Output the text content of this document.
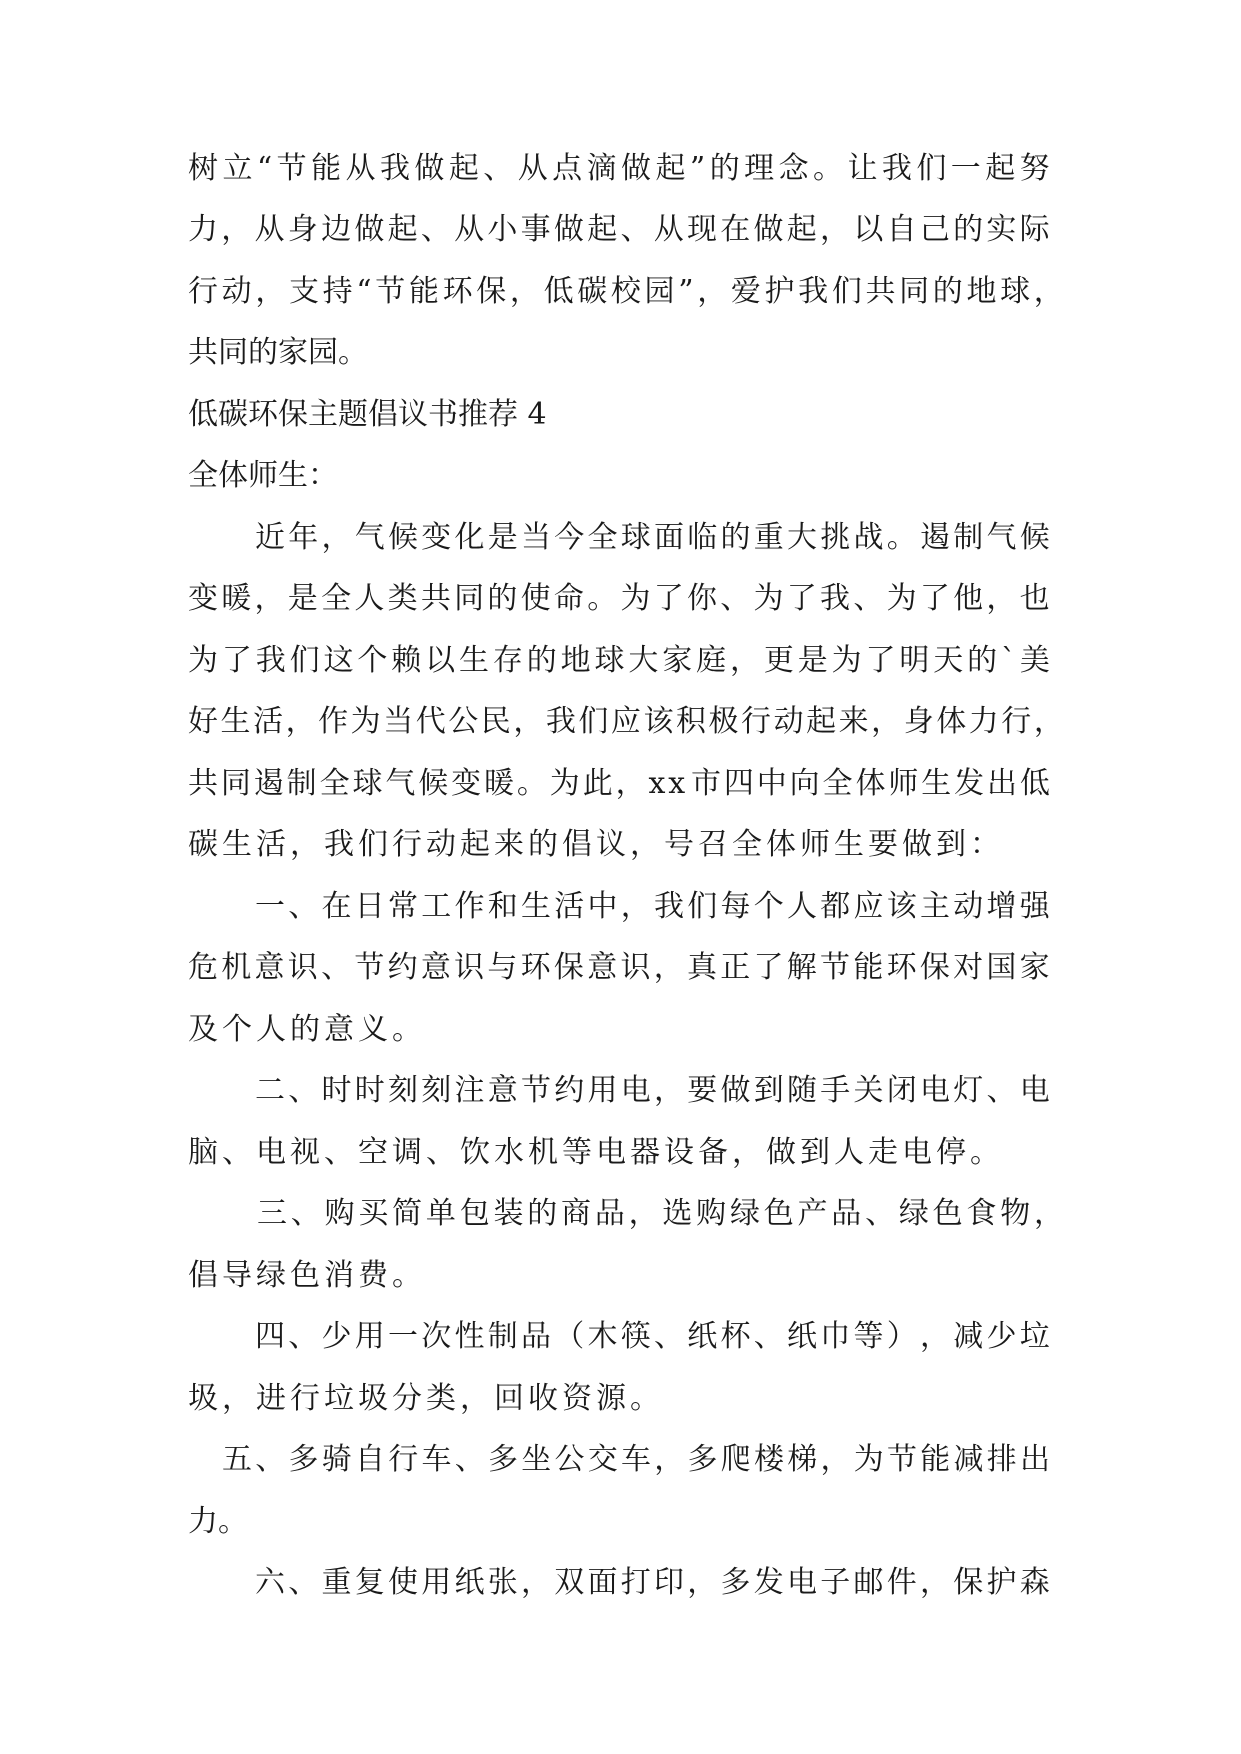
树 立 “ 节 能 从 我 做 起 、 从 点 滴 做 起 ” 的 理 念 。 让 我 们 一 起 努
力 ， 从 身 边 做 起 、 从 小 事 做 起 、 从 现 在 做 起 ， 以 自 己 的 实 际
行 动 ， 支 持 “ 节 能 环 保 ， 低 碳 校 园 ” ， 爱 护 我 们 共 同 的 地 球 ，
共同的家园。
低碳环保主题倡议书推荐 4
全体师生：
近 年 ， 气 候 变 化 是 当 今 全 球 面 临 的 重 大 挑 战 。 遏 制 气 候
变 暖 ， 是 全 人 类 共 同 的 使 命 。 为 了 你 、 为 了 我 、 为 了 他 ， 也
为 了 我 们 这 个 赖 以 生 存 的 地 球 大 家 庭 ， 更 是 为 了 明 天 的 ` 美
好 生 活 ， 作 为 当 代 公 民 ， 我 们 应 该 积 极 行 动 起 来 ， 身 体 力 行 ，
共 同 遏 制 全 球 气 候 变 暖 。 为 此 ， x x 市 四 中 向 全 体 师 生 发 出 低
碳生活，我们行动起来的倡议，号召全体师生要做到：
一 、 在 日 常 工 作 和 生 活 中 ， 我 们 每 个 人 都 应 该 主 动 增 强
危 机 意 识 、 节 约 意 识 与 环 保 意 识 ， 真 正 了 解 节 能 环 保 对 国 家
及个人的意义。
二 、 时 时 刻 刻 注 意 节 约 用 电 ， 要 做 到 随 手 关 闭 电 灯 、 电
脑、电视、空调、饮水机等电器设备，做到人走电停。
三 、 购 买 简 单 包 装 的 商 品 ， 选 购 绿 色 产 品 、 绿 色 食 物 ，
倡导绿色消费。
四 、 少 用 一 次 性 制 品 （ 木 筷 、 纸 杯 、 纸 巾 等 ） ， 减 少 垃
圾，进行垃圾分类，回收资源。
五 、 多 骑 自 行 车 、 多 坐 公 交 车 ， 多 爬 楼 梯 ， 为 节 能 减 排 出
力。
六 、 重 复 使 用 纸 张 ， 双 面 打 印 ， 多 发 电 子 邮 件 ， 保 护 森
